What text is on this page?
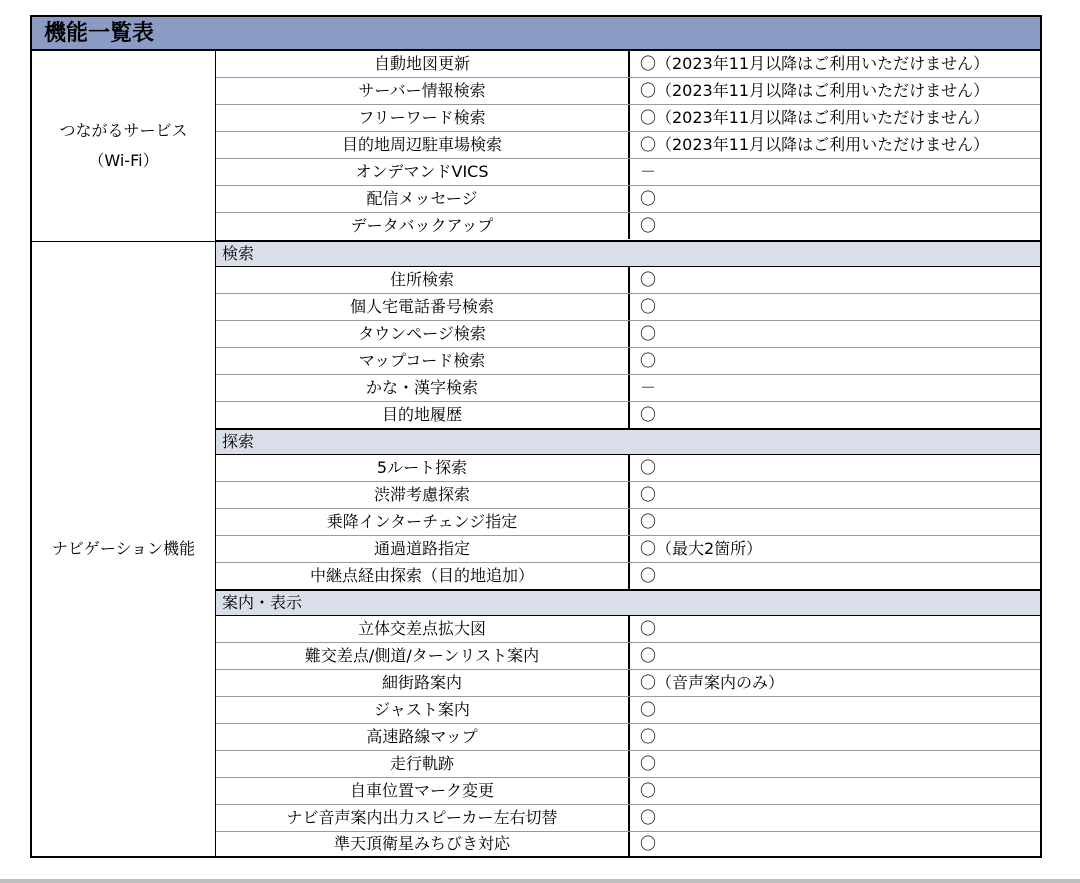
機能一覧表
つながるサービス
（Wi-Fi）
自動地図更新	〇（2023年11月以降はご利用いただけません）
サーバー情報検索	〇（2023年11月以降はご利用いただけません）
フリーワード検索	〇（2023年11月以降はご利用いただけません）
目的地周辺駐車場検索	〇（2023年11月以降はご利用いただけません）
オンデマンドVICS	－
配信メッセージ	〇
データバックアップ	〇
ナビゲーション機能
検索
住所検索	〇
個人宅電話番号検索	〇
タウンページ検索	〇
マップコード検索	〇
かな・漢字検索	－
目的地履歴	〇
探索
5ルート探索	〇
渋滞考慮探索	〇
乗降インターチェンジ指定	〇
通過道路指定	〇（最大2箇所）
中継点経由探索（目的地追加）	〇
案内・表示
立体交差点拡大図	〇
難交差点/側道/ターンリスト案内	〇
細街路案内	〇（音声案内のみ）
ジャスト案内	〇
高速路線マップ	〇
走行軌跡	〇
自車位置マーク変更	〇
ナビ音声案内出力スピーカー左右切替	〇
準天頂衛星みちびき対応	〇
